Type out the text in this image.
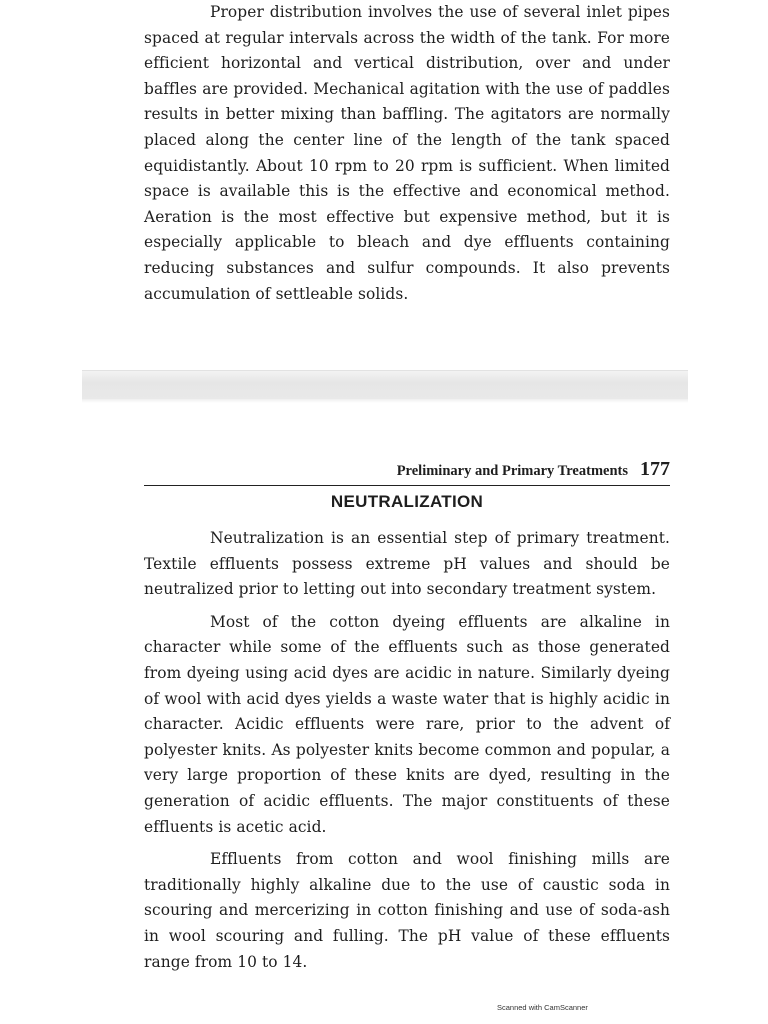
Proper distribution involves the use of several inlet pipes spaced at regular intervals across the width of the tank. For more efficient horizontal and vertical distribution, over and under baffles are provided. Mechanical agitation with the use of paddles results in better mixing than baffling. The agitators are normally placed along the center line of the length of the tank spaced equidistantly. About 10 rpm to 20 rpm is sufficient. When limited space is available this is the effective and economical method. Aeration is the most effective but expensive method, but it is especially applicable to bleach and dye effluents containing reducing substances and sulfur compounds. It also prevents accumulation of settleable solids.

Preliminary and Primary Treatments 177
NEUTRALIZATION

Neutralization is an essential step of primary treatment. Textile effluents possess extreme pH values and should be neutralized prior to letting out into secondary treatment system.

Most of the cotton dyeing effluents are alkaline in character while some of the effluents such as those generated from dyeing using acid dyes are acidic in nature. Similarly dyeing of wool with acid dyes yields a waste water that is highly acidic in character. Acidic effluents were rare, prior to the advent of polyester knits. As polyester knits become common and popular, a very large proportion of these knits are dyed, resulting in the generation of acidic effluents. The major constituents of these effluents is acetic acid.

Effluents from cotton and wool finishing mills are traditionally highly alkaline due to the use of caustic soda in scouring and mercerizing in cotton finishing and use of soda-ash in wool scouring and fulling. The pH value of these effluents range from 10 to 14.

Scanned with CamScanner
